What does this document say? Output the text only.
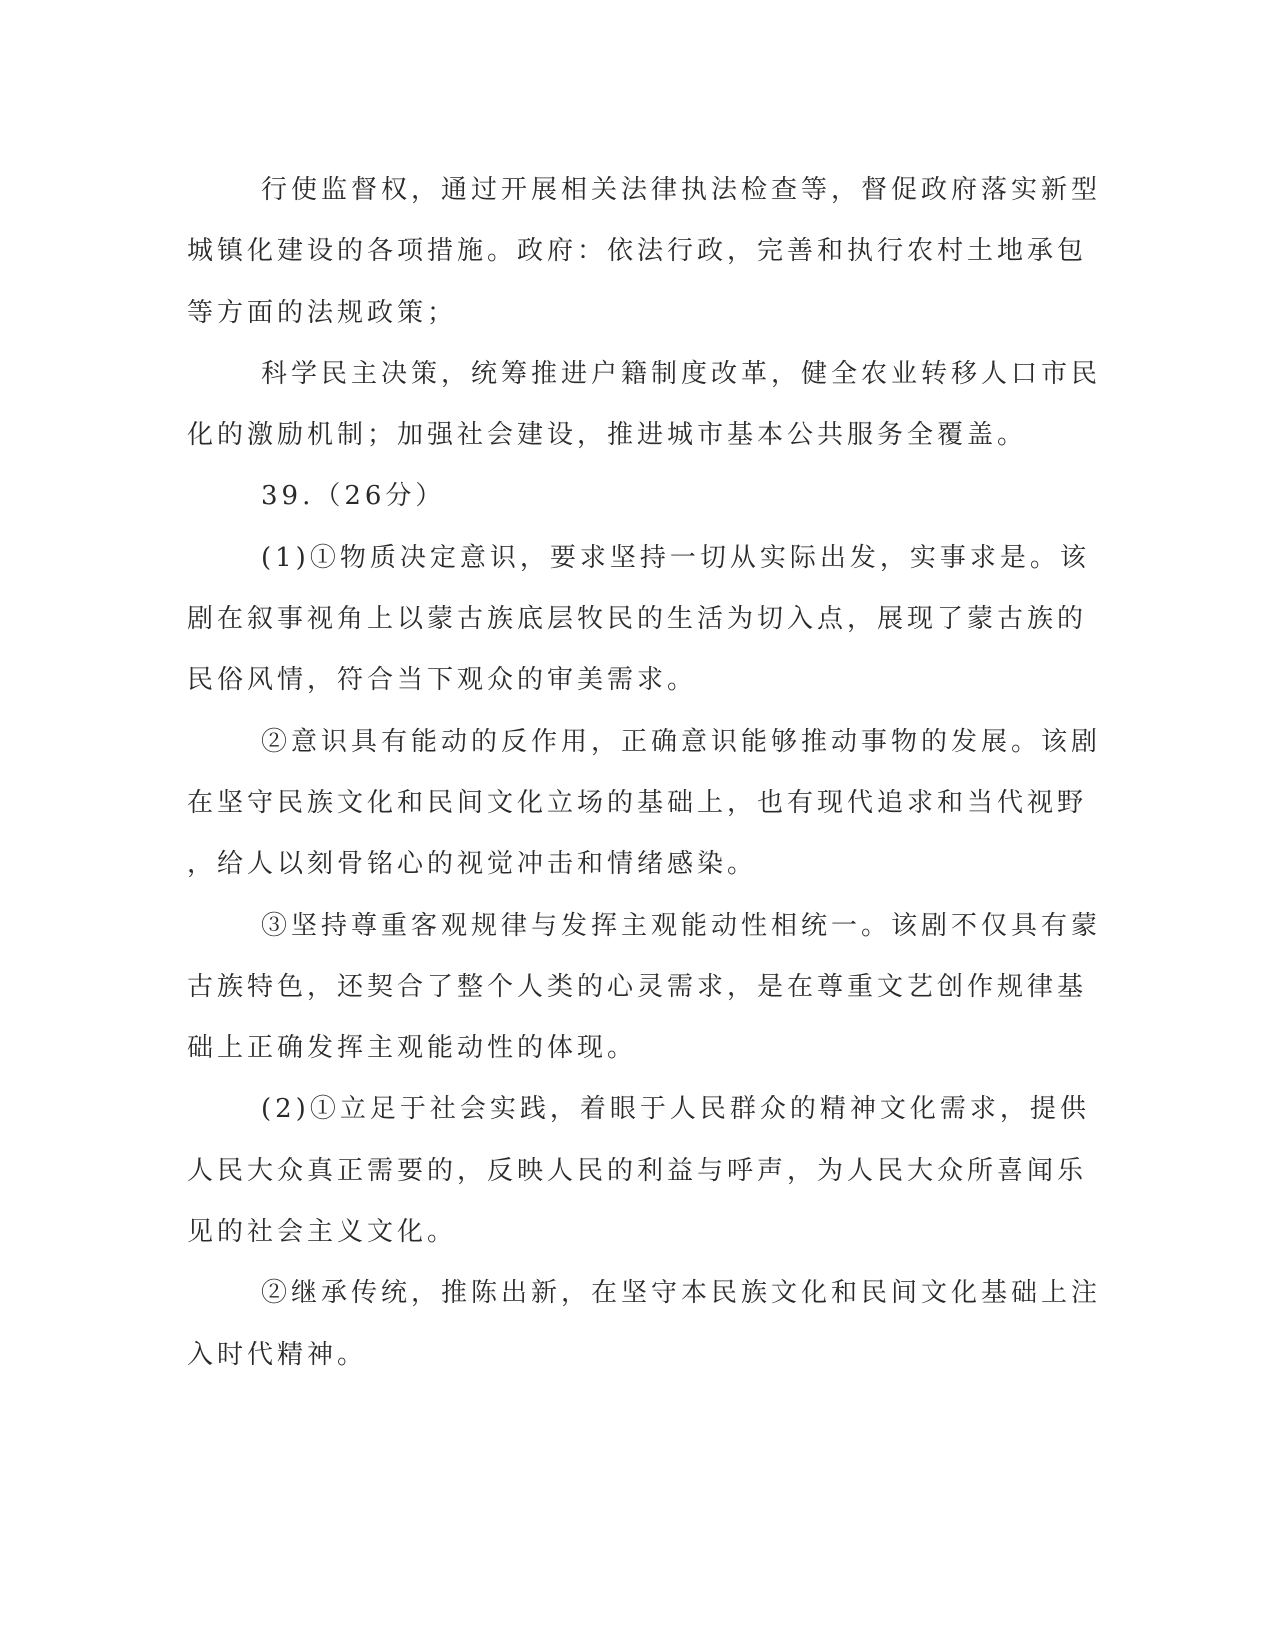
行使监督权，通过开展相关法律执法检查等，督促政府落实新型
城镇化建设的各项措施。政府：依法行政，完善和执行农村土地承包
等方面的法规政策；
科学民主决策，统筹推进户籍制度改革，健全农业转移人口市民
化的激励机制；加强社会建设，推进城市基本公共服务全覆盖。
39.（26分）
(1)①物质决定意识，要求坚持一切从实际出发，实事求是。该
剧在叙事视角上以蒙古族底层牧民的生活为切入点，展现了蒙古族的
民俗风情，符合当下观众的审美需求。
②意识具有能动的反作用，正确意识能够推动事物的发展。该剧
在坚守民族文化和民间文化立场的基础上，也有现代追求和当代视野
，给人以刻骨铭心的视觉冲击和情绪感染。
③坚持尊重客观规律与发挥主观能动性相统一。该剧不仅具有蒙
古族特色，还契合了整个人类的心灵需求，是在尊重文艺创作规律基
础上正确发挥主观能动性的体现。
(2)①立足于社会实践，着眼于人民群众的精神文化需求，提供
人民大众真正需要的，反映人民的利益与呼声，为人民大众所喜闻乐
见的社会主义文化。
②继承传统，推陈出新，在坚守本民族文化和民间文化基础上注
入时代精神。
